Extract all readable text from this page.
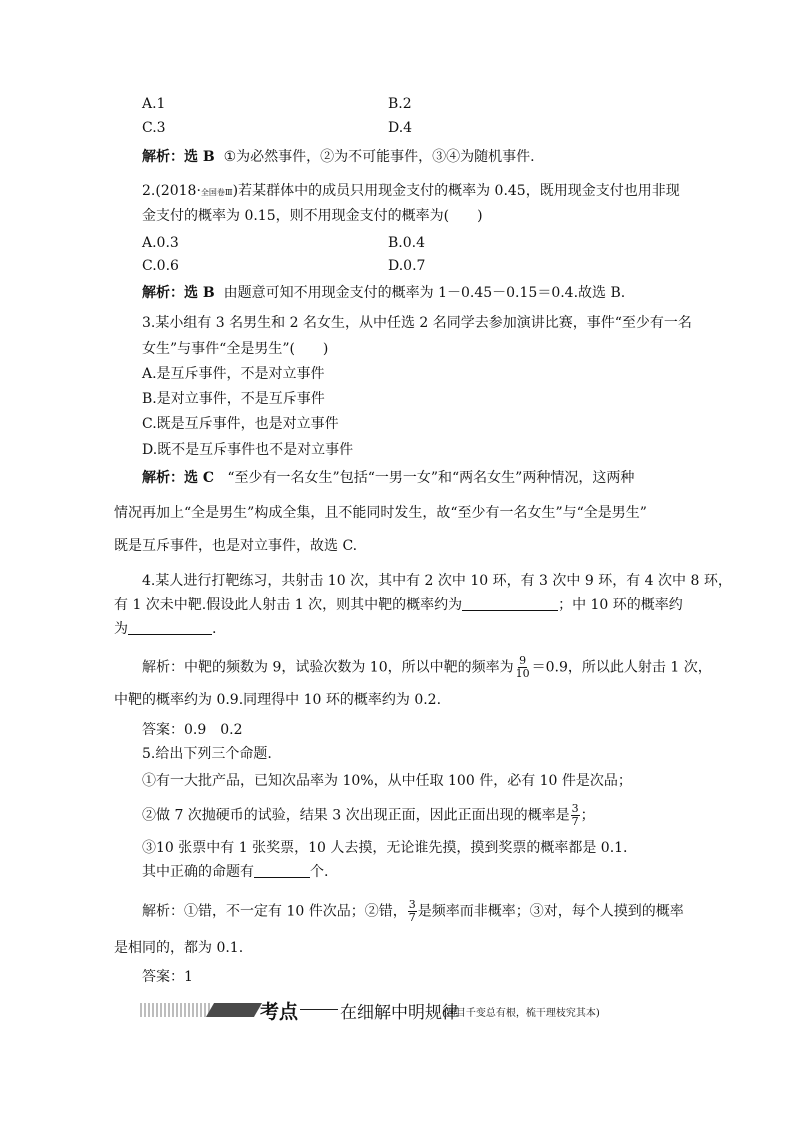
A.1	B.2
C.3	D.4
解析：选 B ①为必然事件，②为不可能事件，③④为随机事件.
2.(2018·全国卷Ⅲ)若某群体中的成员只用现金支付的概率为 0.45，既用现金支付也用非现
金支付的概率为 0.15，则不用现金支付的概率为(　　)
A.0.3	B.0.4
C.0.6	D.0.7
解析：选 B 由题意可知不用现金支付的概率为 1－0.45－0.15＝0.4.故选 B.
3.某小组有 3 名男生和 2 名女生，从中任选 2 名同学去参加演讲比赛，事件“至少有一名
女生”与事件“全是男生”(　　)
A.是互斥事件，不是对立事件
B.是对立事件，不是互斥事件
C.既是互斥事件，也是对立事件
D.既不是互斥事件也不是对立事件
解析：选 C “至少有一名女生”包括“一男一女”和“两名女生”两种情况，这两种
情况再加上“全是男生”构成全集，且不能同时发生，故“至少有一名女生”与“全是男生”
既是互斥事件，也是对立事件，故选 C.
4.某人进行打靶练习，共射击 10 次，其中有 2 次中 10 环，有 3 次中 9 环，有 4 次中 8 环，
有 1 次未中靶.假设此人射击 1 次，则其中靶的概率约为	；中 10 环的概率约
为	.
解析：中靶的频数为 9，试验次数为 10，所以中靶的频率为 $\frac{9}{10} =0.9$，所以此人射击 1 次，
中靶的概率约为 0.9.同理得中 10 环的概率约为 0.2.
答案：0.9　0.2
5.给出下列三个命题.
①有一大批产品，已知次品率为 10%，从中任取 100 件，必有 10 件是次品；
②做 7 次抛硬币的试验，结果 3 次出现正面，因此正面出现的概率是 $\frac{3}{7}$ ；
③10 张票中有 1 张奖票，10 人去摸，无论谁先摸，摸到奖票的概率都是 0.1.
其中正确的命题有	个.
解析：①错，不一定有 10 件次品；②错， $\frac{3}{7}$ 是频率而非概率；③对，每个人摸到的概率
是相同的，都为 0.1.
答案：1
考点 在细解中明规律
(题目千变总有根，梳干理枝究其本)
